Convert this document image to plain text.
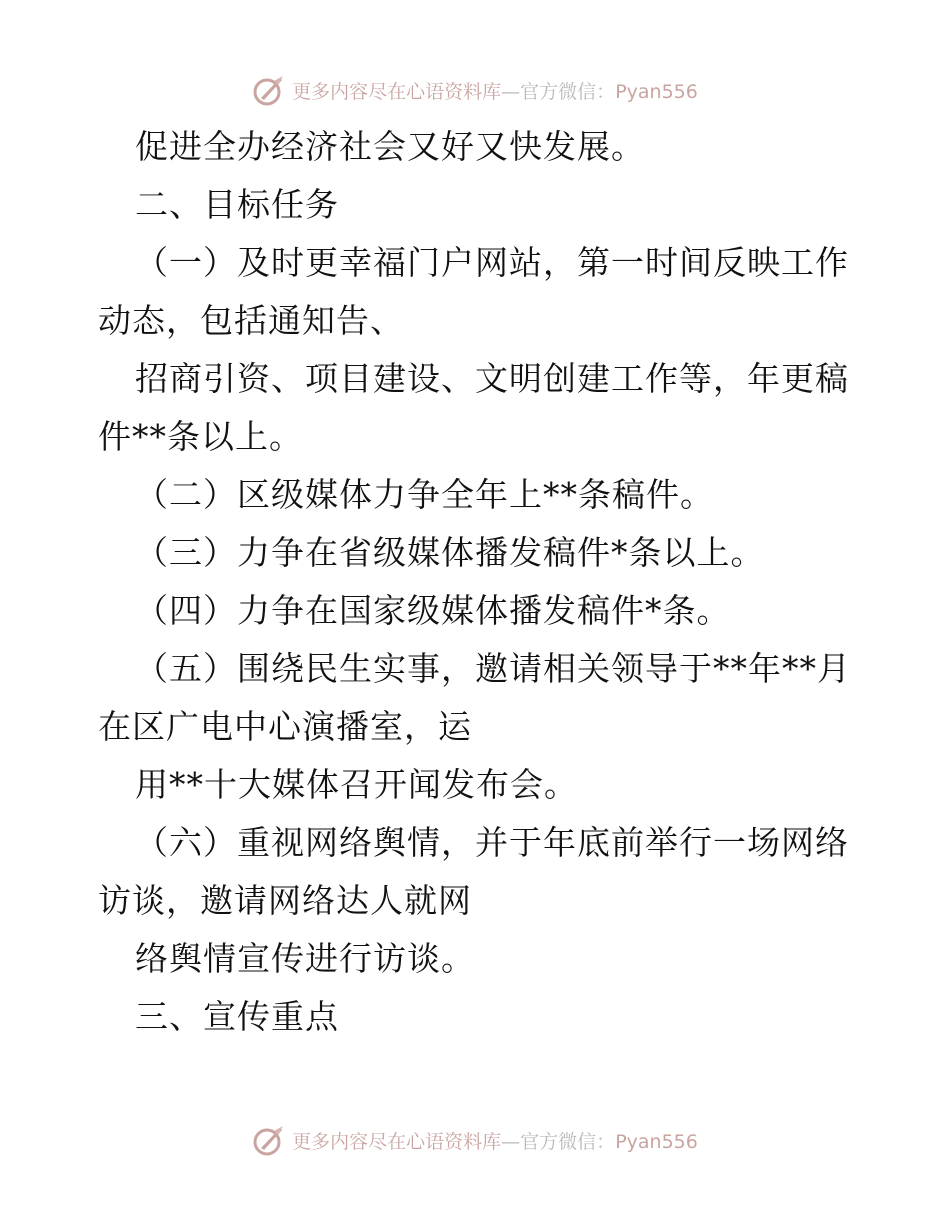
更多内容尽在心语资料库—官方微信：Pyan556
促进全办经济社会又好又快发展。
二、目标任务
（一）及时更幸福门户网站，第一时间反映工作
动态，包括通知告、
招商引资、项目建设、文明创建工作等，年更稿
件**条以上。
（二）区级媒体力争全年上**条稿件。
（三）力争在省级媒体播发稿件*条以上。
（四）力争在国家级媒体播发稿件*条。
（五）围绕民生实事，邀请相关领导于**年**月
在区广电中心演播室，运
用**十大媒体召开闻发布会。
（六）重视网络舆情，并于年底前举行一场网络
访谈，邀请网络达人就网
络舆情宣传进行访谈。
三、宣传重点
更多内容尽在心语资料库—官方微信：Pyan556
